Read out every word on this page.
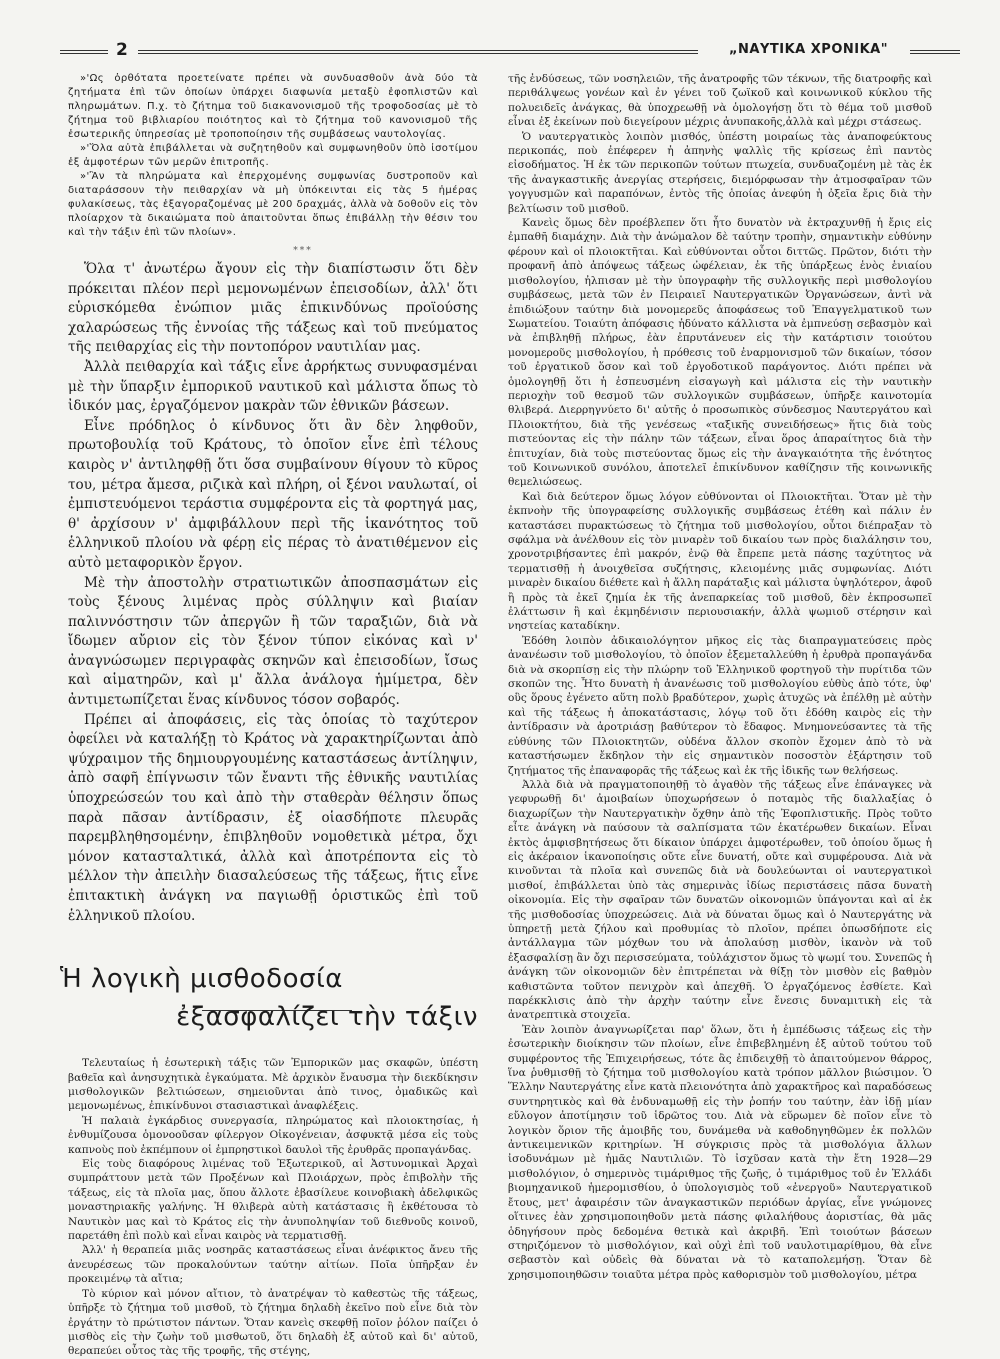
2	„ΝΑΥΤΙΚΑ ΧΡΟΝΙΚΑ"

»'Ως ὀρθότατα προετείνατε πρέπει νὰ συνδυασθοῦν ἀνὰ δύο τὰ ζητήματα ἐπὶ τῶν ὁποίων ὑπάρχει διαφωνία μεταξὺ ἐφοπλιστῶν καὶ πληρωμάτων. Π.χ. τὸ ζήτημα τοῦ διακανονισμοῦ τῆς τροφοδοσίας μὲ τὸ ζήτημα τοῦ βιβλιαρίου ποιότητος καὶ τὸ ζήτημα τοῦ κανονισμοῦ τῆς ἐσωτερικῆς ὑπηρεσίας μὲ τροποποίησιν τῆς συμβάσεως ναυτολογίας.

»'Ὅλα αὐτὰ ἐπιβάλλεται νὰ συζητηθοῦν καὶ συμφωνηθοῦν ὑπὸ ἰσοτίμου ἐξ ἀμφοτέρων τῶν μερῶν ἐπιτροπῆς.

»'Ἂν τὰ πληρώματα καὶ ἐπερχομένης συμφωνίας δυστροποῦν καὶ διαταράσσουν τὴν πειθαρχίαν νὰ μὴ ὑπόκεινται εἰς τὰς 5 ἡμέρας φυλακίσεως, τὰς ἐξαγοραζομένας μὲ 200 δραχμάς, ἀλλὰ νὰ δοθοῦν εἰς τὸν πλοίαρχον τὰ δικαιώματα ποὺ ἀπαιτοῦνται ὅπως ἐπιβάλλῃ τὴν θέσιν του καὶ τὴν τάξιν ἐπὶ τῶν πλοίων».

***

Ὅλα τ' ἀνωτέρω ἄγουν εἰς τὴν διαπίστωσιν ὅτι δὲν πρόκειται πλέον περὶ μεμονωμένων ἐπεισοδίων, ἀλλ' ὅτι εὑρισκόμεθα ἐνώπιον μιᾶς ἐπικινδύνως προϊούσης χαλαρώσεως τῆς ἐννοίας τῆς τάξεως καὶ τοῦ πνεύματος τῆς πειθαρχίας εἰς τὴν ποντοπόρον ναυτιλίαν μας.

Ἀλλὰ πειθαρχία καὶ τάξις εἶνε ἀρρήκτως συνυφασμέναι μὲ τὴν ὕπαρξιν ἐμπορικοῦ ναυτικοῦ καὶ μάλιστα ὅπως τὸ ἰδικόν μας, ἐργαζόμενον μακρὰν τῶν ἐθνικῶν βάσεων.

Εἶνε πρόδηλος ὁ κίνδυνος ὅτι ἂν δὲν ληφθοῦν, πρωτοβουλίᾳ τοῦ Κράτους, τὸ ὁποῖον εἶνε ἐπὶ τέλους καιρὸς ν' ἀντιληφθῇ ὅτι ὅσα συμβαίνουν θίγουν τὸ κῦρος του, μέτρα ἄμεσα, ριζικὰ καὶ πλήρη, οἱ ξένοι ναυλωταί, οἱ ἐμπιστευόμενοι τεράστια συμφέροντα εἰς τὰ φορτηγά μας, θ' ἀρχίσουν ν' ἀμφιβάλλουν περὶ τῆς ἱκανότητος τοῦ ἑλληνικοῦ πλοίου νὰ φέρῃ εἰς πέρας τὸ ἀνατιθέμενον εἰς αὐτὸ μεταφορικὸν ἔργον.

Μὲ τὴν ἀποστολὴν στρατιωτικῶν ἀποσπασμάτων εἰς τοὺς ξένους λιμένας πρὸς σύλληψιν καὶ βιαίαν παλιννόστησιν τῶν ἀπεργῶν ἢ τῶν ταραξιῶν, διὰ νὰ ἴδωμεν αὔριον εἰς τὸν ξένον τύπον εἰκόνας καὶ ν' ἀναγνώσωμεν περιγραφὰς σκηνῶν καὶ ἐπεισοδίων, ἴσως καὶ αἱματηρῶν, καὶ μ' ἄλλα ἀνάλογα ἡμίμετρα, δὲν ἀντιμετωπίζεται ἕνας κίνδυνος τόσον σοβαρός.

Πρέπει αἱ ἀποφάσεις, εἰς τὰς ὁποίας τὸ ταχύτερον ὀφείλει νὰ καταλήξῃ τὸ Κράτος νὰ χαρακτηρίζωνται ἀπὸ ψύχραιμον τῆς δημιουργουμένης καταστάσεως ἀντίληψιν, ἀπὸ σαφῆ ἐπίγνωσιν τῶν ἔναντι τῆς ἐθνικῆς ναυτιλίας ὑποχρεώσεών του καὶ ἀπὸ τὴν σταθερὰν θέλησιν ὅπως παρὰ πᾶσαν ἀντίδρασιν, ἐξ οἱασδήποτε πλευρᾶς παρεμβληθησομένην, ἐπιβληθοῦν νομοθετικὰ μέτρα, ὄχι μόνον κατασταλτικά, ἀλλὰ καὶ ἀποτρέποντα εἰς τὸ μέλλον τὴν ἀπειλὴν διασαλεύσεως τῆς τάξεως, ἥτις εἶνε ἐπιτακτικὴ ἀνάγκη να παγιωθῇ ὁριστικῶς ἐπὶ τοῦ ἑλληνικοῦ πλοίου.

Ἡ λογικὴ μισθοδοσία
ἐξασφαλίζει τὴν τάξιν

Τελευταίως ἡ ἐσωτερικὴ τάξις τῶν Ἐμπορικῶν μας σκαφῶν, ὑπέστη βαθεῖα καὶ ἀνησυχητικὰ ἐγκαύματα. Μὲ ἀρχικὸν ἔναυσμα τὴν διεκδίκησιν μισθολογικῶν βελτιώσεων, σημειοῦνται ἀπὸ τινος, ὁμαδικῶς καὶ μεμονωμένως, ἐπικίνδυνοι στασιαστικαὶ ἀναφλέξεις.

Ἡ παλαιὰ ἐγκάρδιος συνεργασία, πληρώματος καὶ πλοιοκτησίας, ἡ ἐνθυμίζουσα ὁμονοοῦσαν φίλεργον Οἰκογένειαν, ἀσφυκτᾷ μέσα εἰς τοὺς καπνοὺς ποὺ ἐκπέμπουν οἱ ἐμπρηστικοὶ δαυλοὶ τῆς ἐρυθρᾶς προπαγάνδας.

Εἰς τοὺς διαφόρους λιμένας τοῦ Ἐξωτερικοῦ, αἱ Ἀστυνομικαὶ Ἀρχαὶ συμπράττουν μετὰ τῶν Προξένων καὶ Πλοιάρχων, πρὸς ἐπιβολὴν τῆς τάξεως, εἰς τὰ πλοῖα μας, ὅπου ἄλλοτε ἐβασίλευε κοινοβιακὴ ἀδελφικῶς μοναστηριακῆς γαλήνης. Ἡ θλιβερὰ αὐτὴ κατάστασις ἢ ἐκθέτουσα τὸ Ναυτικὸν μας καὶ τὸ Κράτος εἰς τὴν ἀνυποληψίαν τοῦ διεθνοῦς κοινοῦ, παρετάθη ἐπὶ πολὺ καὶ εἶναι καιρὸς νὰ τερματισθῇ.

Ἀλλ' ἡ θεραπεία μιᾶς νοσηρᾶς καταστάσεως εἶναι ἀνέφικτος ἄνευ τῆς ἀνευρέσεως τῶν προκαλούντων ταύτην αἰτίων. Ποῖα ὑπῆρξαν ἐν προκειμένῳ τὰ αἴτια;

Τὸ κύριον καὶ μόνον αἴτιον, τὸ ἀνατρέψαν τὸ καθεστὼς τῆς τάξεως, ὑπῆρξε τὸ ζήτημα τοῦ μισθοῦ, τὸ ζήτημα δηλαδὴ ἐκεῖνο ποὺ εἶνε διὰ τὸν ἐργάτην τὸ πρώτιστον πάντων. Ὅταν κανεὶς σκεφθῇ ποῖον ῥόλον παίζει ὁ μισθὸς εἰς τὴν ζωὴν τοῦ μισθωτοῦ, ὅτι δηλαδὴ ἐξ αὐτοῦ καὶ δι' αὐτοῦ, θεραπεύει οὗτος τὰς τῆς τροφῆς, τῆς στέγης,

τῆς ἐνδύσεως, τῶν νοσηλειῶν, τῆς ἀνατροφῆς τῶν τέκνων, τῆς διατροφῆς καὶ περιθάλψεως γονέων καὶ ἐν γένει τοῦ ζωϊκοῦ καὶ κοινωνικοῦ κύκλου τῆς πολυειδεῖς ἀνάγκας, θὰ ὑποχρεωθῇ νὰ ὁμολογήσῃ ὅτι τὸ θέμα τοῦ μισθοῦ εἶναι ἐξ ἐκείνων ποὺ διεγείρουν μέχρις ἀνυπακοῆς,ἀλλὰ καὶ μέχρι στάσεως.

Ὁ ναυτεργατικὸς λοιπὸν μισθός, ὑπέστη μοιραίως τὰς ἀναποφεύκτους περικοπάς, ποὺ ἐπέφερεν ἡ ἀπηνὴς ψαλλὶς τῆς κρίσεως ἐπὶ παντὸς εἰσοδήματος. Ἡ ἐκ τῶν περικοπῶν τούτων πτωχεία, συνδυαζομένη μὲ τὰς ἐκ τῆς ἀναγκαστικῆς ἀνεργίας στερήσεις, διεμόρφωσαν τὴν ἀτμοσφαῖραν τῶν γογγυσμῶν καὶ παραπόνων, ἐντὸς τῆς ὁποίας ἀνεφύη ἡ ὀξεῖα ἔρις διὰ τὴν βελτίωσιν τοῦ μισθοῦ.

Κανεὶς ὅμως δὲν προέβλεπεν ὅτι ἦτο δυνατὸν νὰ ἐκτραχυνθῇ ἡ ἔρις εἰς ἐμπαθῆ διαμάχην. Διὰ τὴν ἀνώμαλον δὲ ταύτην τροπὴν, σημαντικὴν εὐθύνην φέρουν καὶ οἱ πλοιοκτῆται. Καὶ εὐθύνονται οὗτοι διττῶς. Πρῶτον, διότι τὴν προφανῆ ἀπὸ ἀπόψεως τάξεως ὠφέλειαν, ἐκ τῆς ὑπάρξεως ἑνὸς ἑνιαίου μισθολογίου, ἠλπισαν μὲ τὴν ὑπογραφὴν τῆς συλλογικῆς περὶ μισθολογίου συμβάσεως, μετὰ τῶν ἐν Πειραιεῖ Ναυτεργατικῶν Ὀργανώσεων, ἀντὶ νὰ ἐπιδιώξουν ταύτην διὰ μονομερεῦς ἀποφάσεως τοῦ Ἐπαγγελματικοῦ των Σωματείου. Τοιαύτη ἀπόφασις ἠδύνατο κάλλιστα νὰ ἐμπνεύσῃ σεβασμὸν καὶ νὰ ἐπιβληθῇ πλήρως, ἐὰν ἐπρυτάνευεν εἰς τὴν κατάρτισιν τοιούτου μονομεροῦς μισθολογίου, ἡ πρόθεσις τοῦ ἐναρμονισμοῦ τῶν δικαίων, τόσον τοῦ ἐργατικοῦ ὅσον καὶ τοῦ ἐργοδοτικοῦ παράγοντος. Διότι πρέπει νὰ ὁμολογηθῇ ὅτι ἡ ἐσπευσμένη εἰσαγωγὴ καὶ μάλιστα εἰς τὴν ναυτικὴν περιοχὴν τοῦ θεσμοῦ τῶν συλλογικῶν συμβάσεων, ὑπῆρξε καινοτομία θλιβερά. Διερρηγνύετο δι' αὐτῆς ὁ προσωπικὸς σύνδεσμος Ναυτεργάτου καὶ Πλοιοκτήτου, διὰ τῆς γενέσεως «ταξικῆς συνειδήσεως» ἥτις διὰ τοὺς πιστεύοντας εἰς τὴν πάλην τῶν τάξεων, εἶναι ὅρος ἀπαραίτητος διὰ τὴν ἐπιτυχίαν, διὰ τοὺς πιστεύοντας ὅμως εἰς τὴν ἀναγκαιότητα τῆς ἑνότητος τοῦ Κοινωνικοῦ συνόλου, ἀποτελεῖ ἐπικίνδυνον καθίζησιν τῆς κοινωνικῆς θεμελιώσεως.

Καὶ διὰ δεύτερον ὅμως λόγον εὐθύνονται οἱ Πλοιοκτῆται. Ὅταν μὲ τὴν ἐκπνοὴν τῆς ὑπογραφείσης συλλογικῆς συμβάσεως ἐτέθη καὶ πάλιν ἐν καταστάσει πυρακτώσεως τὸ ζήτημα τοῦ μισθολογίου, οὗτοι διέπραξαν τὸ σφάλμα νὰ ἀνέλθουν εἰς τὸν μιναρὲν τοῦ δικαίου των πρὸς διαλάλησιν του, χρονοτριβήσαντες ἐπὶ μακρόν, ἐνῷ θὰ ἔπρεπε μετὰ πάσης ταχύτητος νὰ τερματισθῇ ἡ ἀνοιχθεῖσα συζήτησις, κλειομένης μιᾶς συμφωνίας. Διότι μιναρὲν δικαίου διέθετε καὶ ἡ ἄλλη παράταξις καὶ μάλιστα ὑψηλότερον, ἀφοῦ ἢ πρὸς τὰ ἐκεῖ ζημία ἐκ τῆς ἀνεπαρκείας τοῦ μισθοῦ, δὲν ἐκπροσωπεῖ ἐλάττωσιν ἢ καὶ ἐκμηδένισιν περιουσιακήν, ἀλλὰ ψωμιοῦ στέρησιν καὶ νηστείας καταδίκην.

Ἐδόθη λοιπὸν ἀδικαιολόγητον μῆκος εἰς τὰς διαπραγματεύσεις πρὸς ἀνανέωσιν τοῦ μισθολογίου, τὸ ὁποῖον ἐξεμεταλλεύθη ἡ ἐρυθρὰ προπαγάνδα διὰ νὰ σκορπίσῃ εἰς τὴν πλώρην τοῦ Ἑλληνικοῦ φορτηγοῦ τὴν πυρίτιδα τῶν σκοπῶν της. Ἦτο δυνατὴ ἡ ἀνανέωσις τοῦ μισθολογίου εὐθὺς ἀπὸ τότε, ὑφ' οὓς ὅρους ἐγένετο αὕτη πολὺ βραδύτερον, χωρὶς ἀτυχῶς νὰ ἐπέλθῃ μὲ αὐτὴν καὶ τῆς τάξεως ἡ ἀποκατάστασις, λόγῳ τοῦ ὅτι ἐδόθη καιρὸς εἰς τὴν ἀντίδρασιν νὰ ἀροτριάσῃ βαθύτερον τὸ ἔδαφος. Μνημονεύσαντες τὰ τῆς εὐθύνης τῶν Πλοιοκτητῶν, οὐδένα ἄλλον σκοπὸν ἔχομεν ἀπὸ τὸ νὰ καταστήσωμεν ἔκδηλον τὴν εἰς σημαντικὸν ποσοστὸν ἐξάρτησιν τοῦ ζητήματος τῆς ἐπαναφορᾶς τῆς τάξεως καὶ ἐκ τῆς ἰδικῆς των θελήσεως.

Ἀλλὰ διὰ νὰ πραγματοποιηθῇ τὸ ἀγαθὸν τῆς τάξεως εἶνε ἐπάναγκες νὰ γεφυρωθῇ δι' ἀμοιβαίων ὑποχωρήσεων ὁ ποταμὸς τῆς διαλλαξίας ὁ διαχωρίζων τὴν Ναυτεργατικὴν ὄχθην ἀπὸ τῆς Ἐφοπλιστικῆς. Πρὸς τοῦτο εἶτε ἀνάγκη νὰ παύσουν τὰ σαλπίσματα τῶν ἑκατέρωθεν δικαίων. Εἶναι ἐκτὸς ἀμφισβητήσεως ὅτι δίκαιον ὑπάρχει ἀμφοτέρωθεν, τοῦ ὁποίου ὅμως ἡ εἰς ἀκέραιον ἱκανοποίησις οὔτε εἶνε δυνατή, οὔτε καὶ συμφέρουσα. Διὰ νὰ κινοῦνται τὰ πλοῖα καὶ συνεπῶς διὰ νὰ δουλεύωνται οἱ ναυτεργατικοὶ μισθοί, ἐπιβάλλεται ὑπὸ τὰς σημερινὰς ἰδίως περιστάσεις πᾶσα δυνατὴ οἰκονομία. Εἰς τὴν σφαῖραν τῶν δυνατῶν οἰκονομιῶν ὑπάγονται καὶ αἱ ἐκ τῆς μισθοδοσίας ὑποχρεώσεις. Διὰ νὰ δύναται ὅμως καὶ ὁ Ναυτεργάτης νὰ ὑπηρετῇ μετὰ ζήλου καὶ προθυμίας τὸ πλοῖον, πρέπει ὁπωσδήποτε εἰς ἀντάλλαγμα τῶν μόχθων του νὰ ἀπολαύσῃ μισθὸν, ἱκανὸν νὰ τοῦ ἐξασφαλίσῃ ἂν ὄχι περισσεύματα, τοὐλάχιστον ὅμως τὸ ψωμί του. Συνεπῶς ἡ ἀνάγκη τῶν οἰκονομιῶν δὲν ἐπιτρέπεται νὰ θίξῃ τὸν μισθὸν εἰς βαθμὸν καθιστῶντα τοῦτον πενιχρὸν καὶ ἀπεχθῆ. Ὁ ἐργαζόμενος ἐσθίετε. Καὶ παρέκκλισις ἀπὸ τὴν ἀρχὴν ταύτην εἶνε ἔνεσις δυναμιτικὴ εἰς τὰ ἀνατρεπτικὰ στοιχεῖα.

Ἐὰν λοιπὸν ἀναγνωρίζεται παρ' ὅλων, ὅτι ἡ ἐμπέδωσις τάξεως εἰς τὴν ἐσωτερικὴν διοίκησιν τῶν πλοίων, εἶνε ἐπιβεβλημένη ἐξ αὐτοῦ τούτου τοῦ συμφέροντος τῆς Ἐπιχειρήσεως, τότε ἂς ἐπιδειχθῇ τὸ ἀπαιτούμενον θάρρος, ἵνα ῥυθμισθῇ τὸ ζήτημα τοῦ μισθολογίου κατὰ τρόπον μᾶλλον βιώσιμον. Ὁ Ἕλλην Ναυτεργάτης εἶνε κατὰ πλειονότητα ἀπὸ χαρακτῆρος καὶ παραδόσεως συντηρητικὸς καὶ θὰ ἐνδυναμωθῇ εἰς τὴν ῥοπήν του ταύτην, ἐὰν ἰδῇ μίαν εὔλογον ἀποτίμησιν τοῦ ἱδρῶτος του. Διὰ νὰ εὕρωμεν δὲ ποῖον εἶνε τὸ λογικὸν ὅριον τῆς ἀμοιβῆς του, δυνάμεθα νὰ καθοδηγηθῶμεν ἐκ πολλῶν ἀντικειμενικῶν κριτηρίων. Ἡ σύγκρισις πρὸς τὰ μισθολόγια ἄλλων ἰσοδυνάμων μὲ ἡμᾶς Ναυτιλιῶν. Τὸ ἰσχῦσαν κατὰ τὴν ἔτη 1928—29 μισθολόγιον, ὁ σημερινὸς τιμάριθμος τῆς ζωῆς, ὁ τιμάριθμος τοῦ ἐν Ἑλλάδι βιομηχανικοῦ ἡμερομισθίου, ὁ ὑπολογισμὸς τοῦ «ἐνεργοῦ» Ναυτεργατικοῦ ἔτους, μετ' ἀφαιρέσιν τῶν ἀναγκαστικῶν περιόδων ἀργίας, εἶνε γνώμονες οἵτινες ἐὰν χρησιμοποιηθοῦν μετὰ πάσης φιλαλήθους ἀοριστίας, θὰ μᾶς ὁδηγήσουν πρὸς δεδομένα θετικὰ καὶ ἀκριβῆ. Ἐπὶ τοιούτων βάσεων στηριζόμενον τὸ μισθολόγιον, καὶ οὐχὶ ἐπὶ τοῦ ναυλοτιμαρίθμου, θὰ εἶνε σεβαστὸν καὶ οὐδεὶς θὰ δύναται νὰ τὸ καταπολεμήσῃ. Ὅταν δὲ χρησιμοποιηθῶσιν τοιαῦτα μέτρα πρὸς καθορισμὸν τοῦ μισθολογίου, μέτρα
